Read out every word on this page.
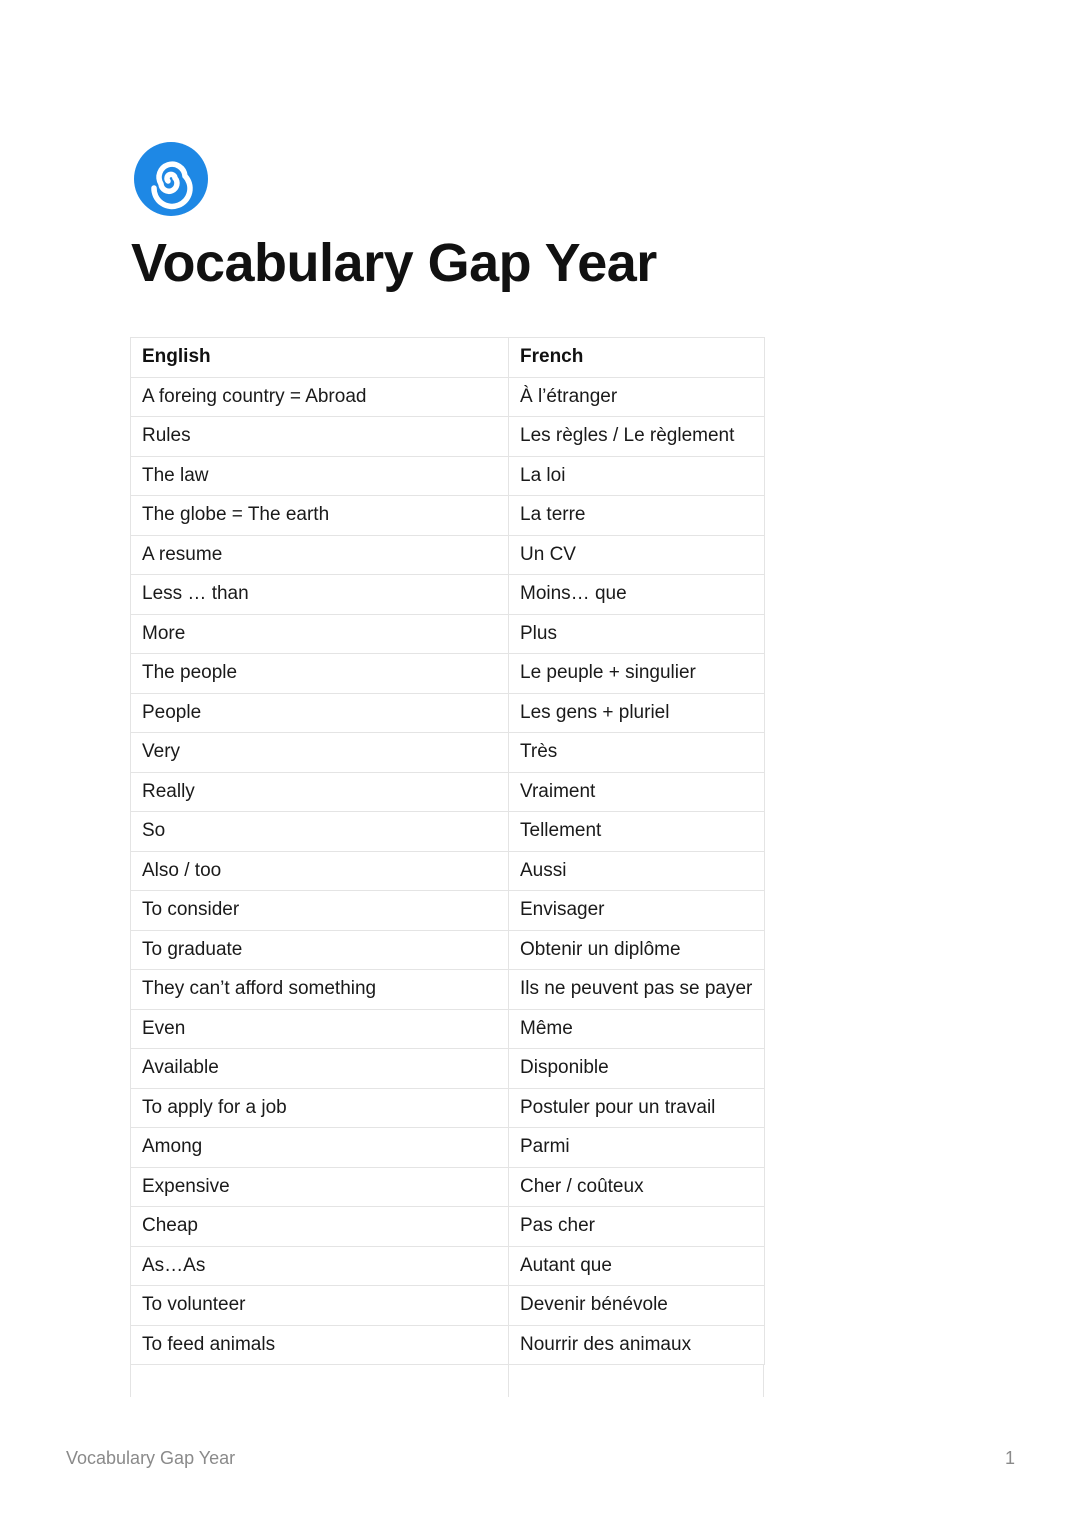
Vocabulary Gap Year
English	French
A foreing country = Abroad	À l’étranger
Rules	Les règles / Le règlement
The law	La loi
The globe = The earth	La terre
A resume	Un CV
Less … than	Moins… que
More	Plus
The people	Le peuple + singulier
People	Les gens + pluriel
Very	Très
Really	Vraiment
So	Tellement
Also / too	Aussi
To consider	Envisager
To graduate	Obtenir un diplôme
They can’t afford something	Ils ne peuvent pas se payer
Even	Même
Available	Disponible
To apply for a job	Postuler pour un travail
Among	Parmi
Expensive	Cher / coûteux
Cheap	Pas cher
As…As	Autant que
To volunteer	Devenir bénévole
To feed animals	Nourrir des animaux
Vocabulary Gap Year	1
